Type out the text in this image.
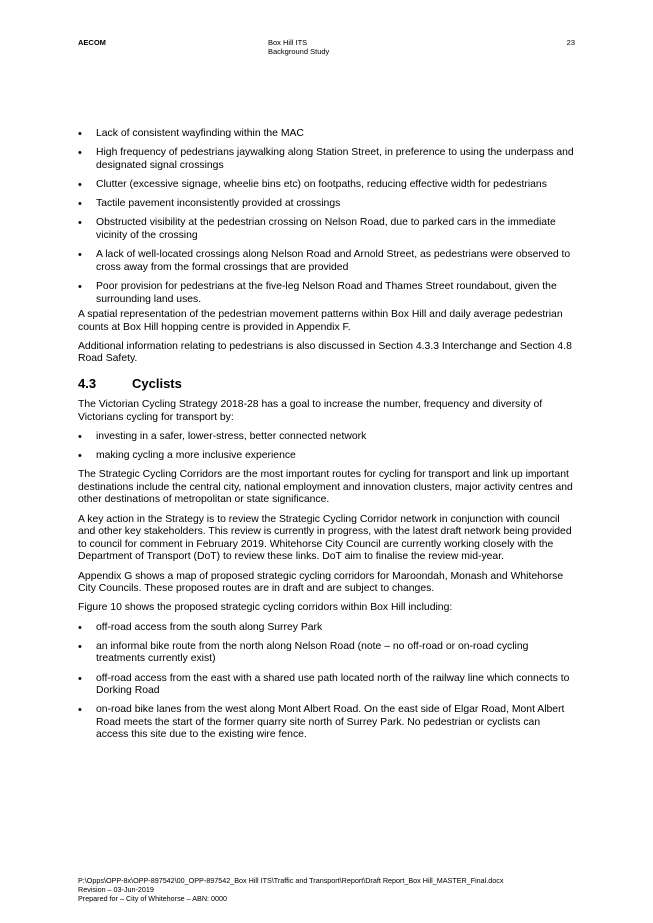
AECOM	Box Hill ITS
Background Study
23
• Lack of consistent wayfinding within the MAC
• High frequency of pedestrians jaywalking along Station Street, in preference to using the underpass and designated signal crossings
• Clutter (excessive signage, wheelie bins etc) on footpaths, reducing effective width for pedestrians
• Tactile pavement inconsistently provided at crossings
• Obstructed visibility at the pedestrian crossing on Nelson Road, due to parked cars in the immediate vicinity of the crossing
• A lack of well-located crossings along Nelson Road and Arnold Street, as pedestrians were observed to cross away from the formal crossings that are provided
• Poor provision for pedestrians at the five-leg Nelson Road and Thames Street roundabout, given the surrounding land uses.

A spatial representation of the pedestrian movement patterns within Box Hill and daily average pedestrian counts at Box Hill hopping centre is provided in Appendix F.

Additional information relating to pedestrians is also discussed in Section 4.3.3 Interchange and Section 4.8 Road Safety.

4.3	Cyclists

The Victorian Cycling Strategy 2018-28 has a goal to increase the number, frequency and diversity of Victorians cycling for transport by:

• investing in a safer, lower-stress, better connected network
• making cycling a more inclusive experience

The Strategic Cycling Corridors are the most important routes for cycling for transport and link up important destinations include the central city, national employment and innovation clusters, major activity centres and other destinations of metropolitan or state significance.

A key action in the Strategy is to review the Strategic Cycling Corridor network in conjunction with council and other key stakeholders. This review is currently in progress, with the latest draft network being provided to council for comment in February 2019. Whitehorse City Council are currently working closely with the Department of Transport (DoT) to review these links. DoT aim to finalise the review mid-year.

Appendix G shows a map of proposed strategic cycling corridors for Maroondah, Monash and Whitehorse City Councils. These proposed routes are in draft and are subject to changes.

Figure 10 shows the proposed strategic cycling corridors within Box Hill including:

• off-road access from the south along Surrey Park
• an informal bike route from the north along Nelson Road (note – no off-road or on-road cycling treatments currently exist)
• off-road access from the east with a shared use path located north of the railway line which connects to Dorking Road
• on-road bike lanes from the west along Mont Albert Road. On the east side of Elgar Road, Mont Albert Road meets the start of the former quarry site north of Surrey Park. No pedestrian or cyclists can access this site due to the existing wire fence.
P:\Opps\OPP-8x\OPP-897542\00_OPP-897542_Box Hill ITS\Traffic and Transport\Report\Draft Report_Box Hill_MASTER_Final.docx
Revision – 03-Jun-2019
Prepared for – City of Whitehorse – ABN: 0000
